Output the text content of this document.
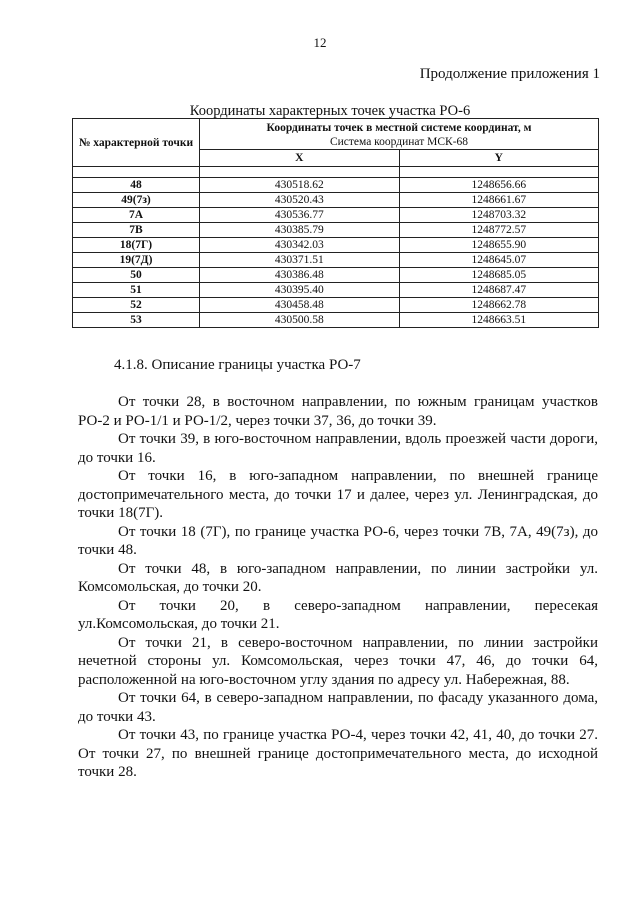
12
Продолжение приложения 1
Координаты характерных точек участка РО-6
№ характерной точки	Координаты точек в местной системе координат, м
Система координат МСК-68	

	X	Y

48	430518.62	1248656.66
49(7з)	430520.43	1248661.67
7А	430536.77	1248703.32
7В	430385.79	1248772.57
18(7Г)	430342.03	1248655.90
19(7Д)	430371.51	1248645.07
50	430386.48	1248685.05
51	430395.40	1248687.47
52	430458.48	1248662.78
53	430500.58	1248663.51
4.1.8. Описание границы участка РО-7

От точки 28, в восточном направлении, по южным границам участков РО-2 и РО-1/1 и РО-1/2, через точки 37, 36, до точки 39.

От точки 39, в юго-восточном направлении, вдоль проезжей части дороги, до точки 16.

От точки 16, в юго-западном направлении, по внешней границе достопримечательного места, до точки 17 и далее, через ул. Ленинградская, до точки 18(7Г).

От точки 18 (7Г), по границе участка РО-6, через точки 7В, 7А, 49(7з), до точки 48.

От точки 48, в юго-западном направлении, по линии застройки ул. Комсомольская, до точки 20.

От точки 20, в северо-западном направлении, пересекая ул.Комсомольская, до точки 21.

От точки 21, в северо-восточном направлении, по линии застройки нечетной стороны ул. Комсомольская, через точки 47, 46, до точки 64, расположенной на юго-восточном углу здания по адресу ул. Набережная, 88.

От точки 64, в северо-западном направлении, по фасаду указанного дома, до точки 43.

От точки 43, по границе участка РО-4, через точки 42, 41, 40, до точки 27. От точки 27, по внешней границе достопримечательного места, до исходной точки 28.
